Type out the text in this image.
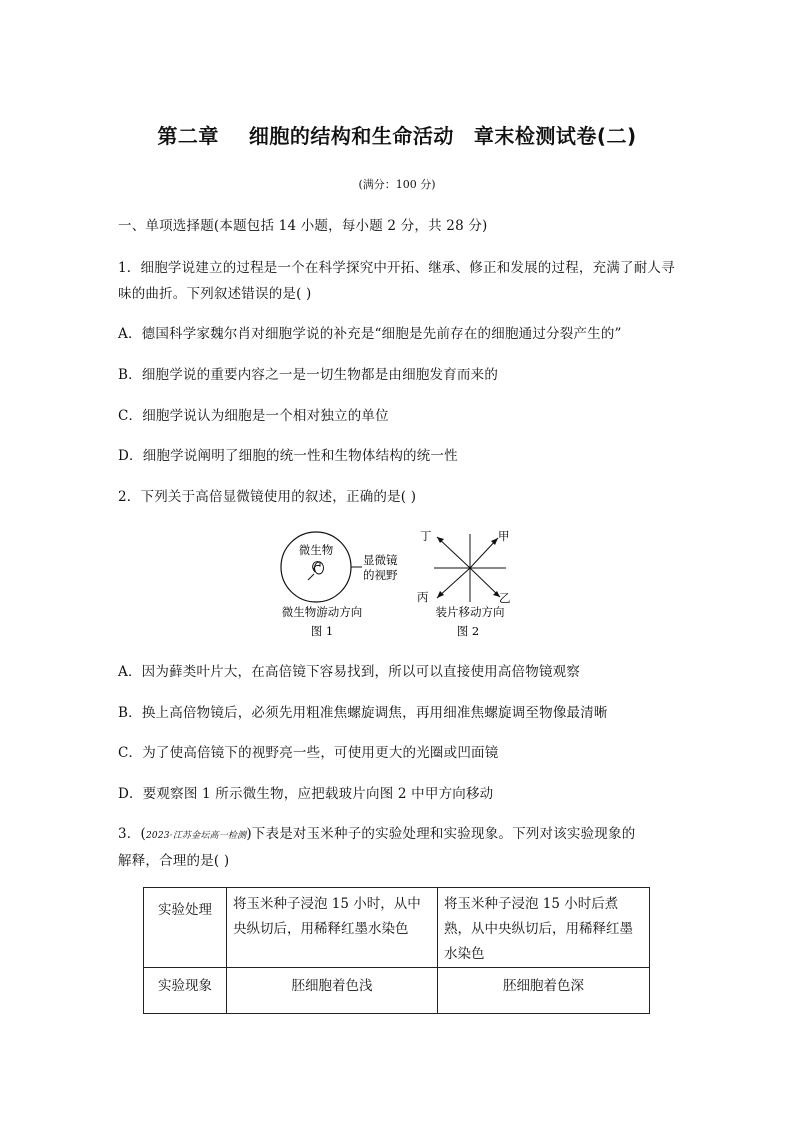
第二章 细胞的结构和生命活动 章末检测试卷(二)
(满分：100 分)
一、单项选择题(本题包括 14 小题，每小题 2 分，共 28 分)
1．细胞学说建立的过程是一个在科学探究中开拓、继承、修正和发展的过程，充满了耐人寻
味的曲折。下列叙述错误的是( )
A．德国科学家魏尔肖对细胞学说的补充是“细胞是先前存在的细胞通过分裂产生的”
B．细胞学说的重要内容之一是一切生物都是由细胞发育而来的
C．细胞学说认为细胞是一个相对独立的单位
D．细胞学说阐明了细胞的统一性和生物体结构的统一性
2．下列关于高倍显微镜使用的叙述，正确的是( )
微生物
显微镜
的视野
微生物游动方向
图 1
丁	甲
丙	乙
装片移动方向
图 2
A．因为藓类叶片大，在高倍镜下容易找到，所以可以直接使用高倍物镜观察
B．换上高倍物镜后，必须先用粗准焦螺旋调焦，再用细准焦螺旋调至物像最清晰
C．为了使高倍镜下的视野亮一些，可使用更大的光圈或凹面镜
D．要观察图 1 所示微生物，应把载玻片向图 2 中甲方向移动
3．(2023·江苏金坛高一检测)下表是对玉米种子的实验处理和实验现象。下列对该实验现象的
解释，合理的是( )
实验处理	将玉米种子浸泡 15 小时，从中央纵切后，用稀释红墨水染色	将玉米种子浸泡 15 小时后煮熟，从中央纵切后，用稀释红墨水染色
实验现象	胚细胞着色浅	胚细胞着色深
